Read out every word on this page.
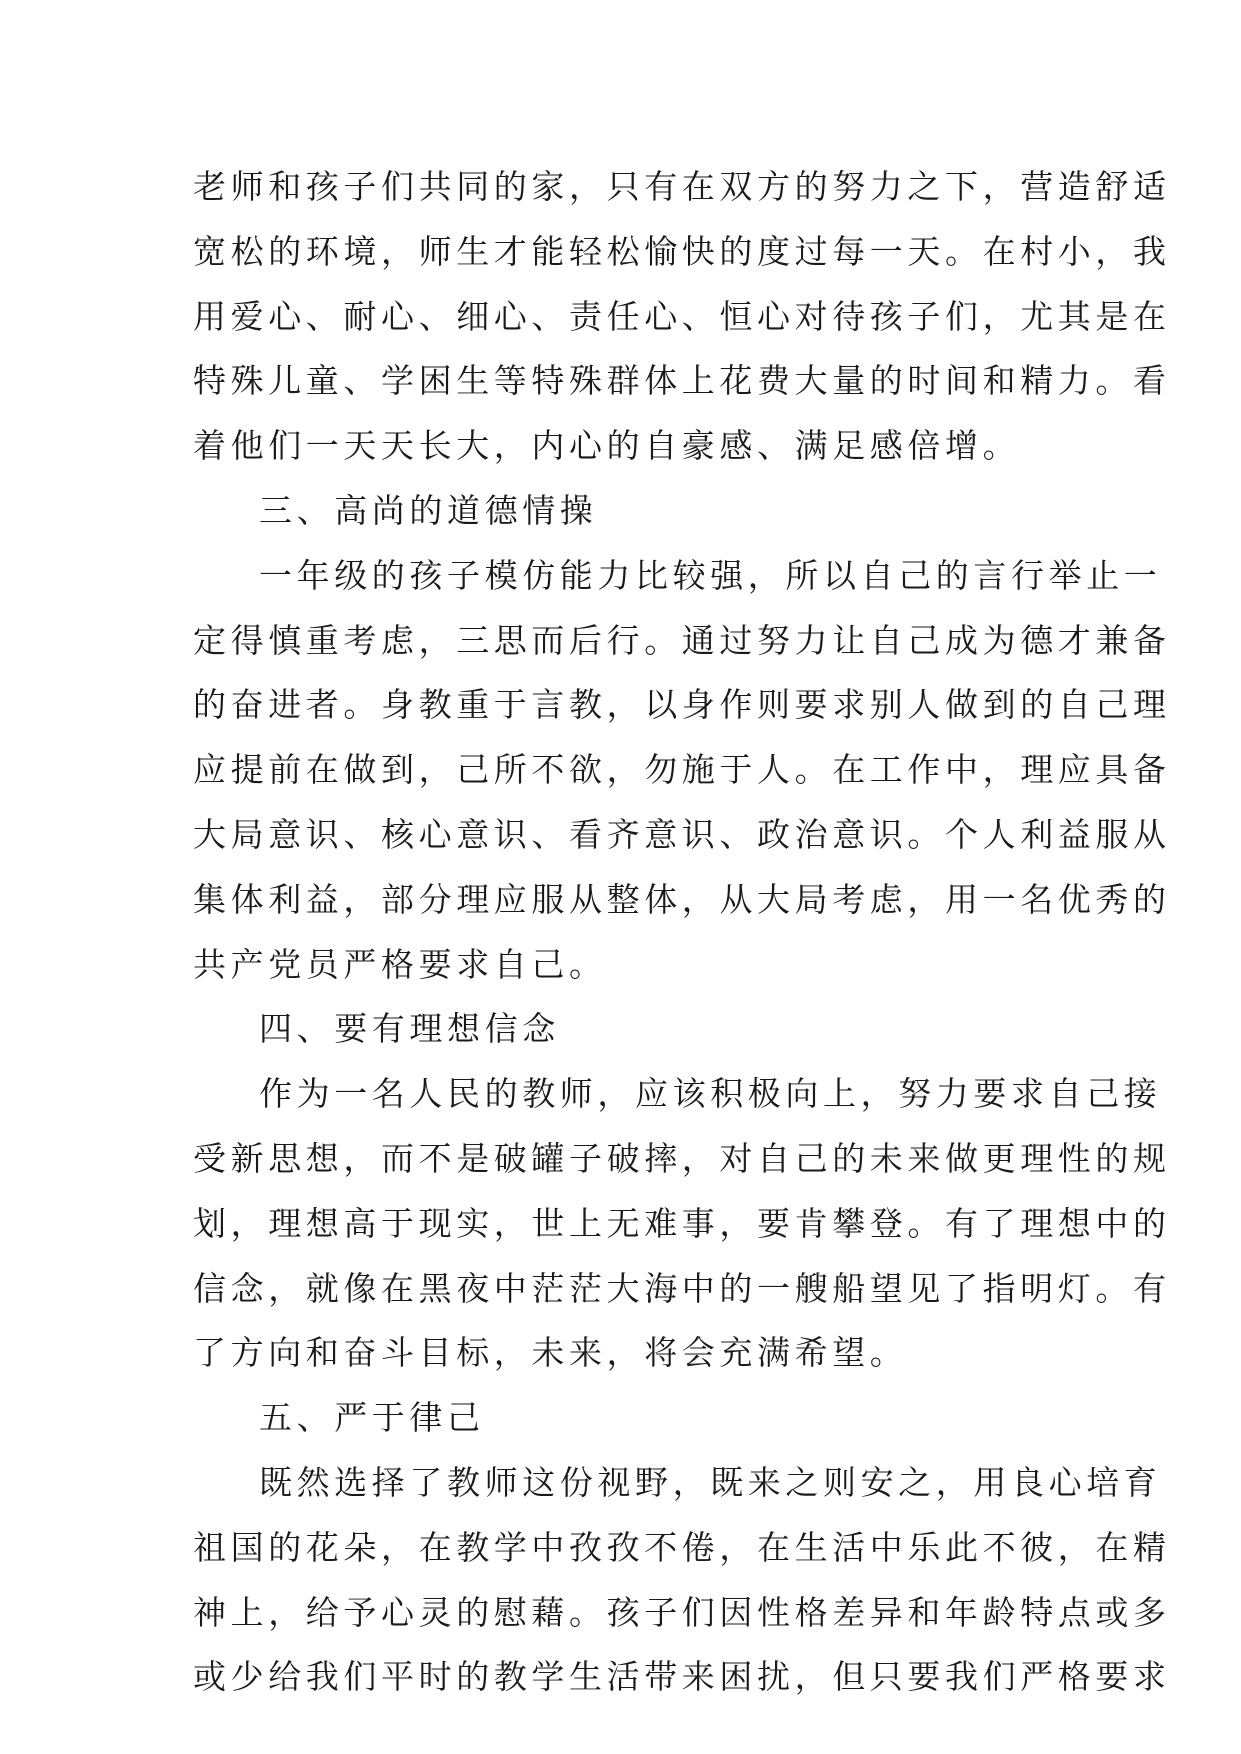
老师和孩子们共同的家，只有在双方的努力之下，营造舒适
宽松的环境，师生才能轻松愉快的度过每一天。在村小，我
用爱心、耐心、细心、责任心、恒心对待孩子们，尤其是在
特殊儿童、学困生等特殊群体上花费大量的时间和精力。看
着他们一天天长大，内心的自豪感、满足感倍增。
三、高尚的道德情操
一年级的孩子模仿能力比较强，所以自己的言行举止一
定得慎重考虑，三思而后行。通过努力让自己成为德才兼备
的奋进者。身教重于言教，以身作则要求别人做到的自己理
应提前在做到，己所不欲，勿施于人。在工作中，理应具备
大局意识、核心意识、看齐意识、政治意识。个人利益服从
集体利益，部分理应服从整体，从大局考虑，用一名优秀的
共产党员严格要求自己。
四、要有理想信念
作为一名人民的教师，应该积极向上，努力要求自己接
受新思想，而不是破罐子破摔，对自己的未来做更理性的规
划，理想高于现实，世上无难事，要肯攀登。有了理想中的
信念，就像在黑夜中茫茫大海中的一艘船望见了指明灯。有
了方向和奋斗目标，未来，将会充满希望。
五、严于律己
既然选择了教师这份视野，既来之则安之，用良心培育
祖国的花朵，在教学中孜孜不倦，在生活中乐此不彼，在精
神上，给予心灵的慰藉。孩子们因性格差异和年龄特点或多
或少给我们平时的教学生活带来困扰，但只要我们严格要求
